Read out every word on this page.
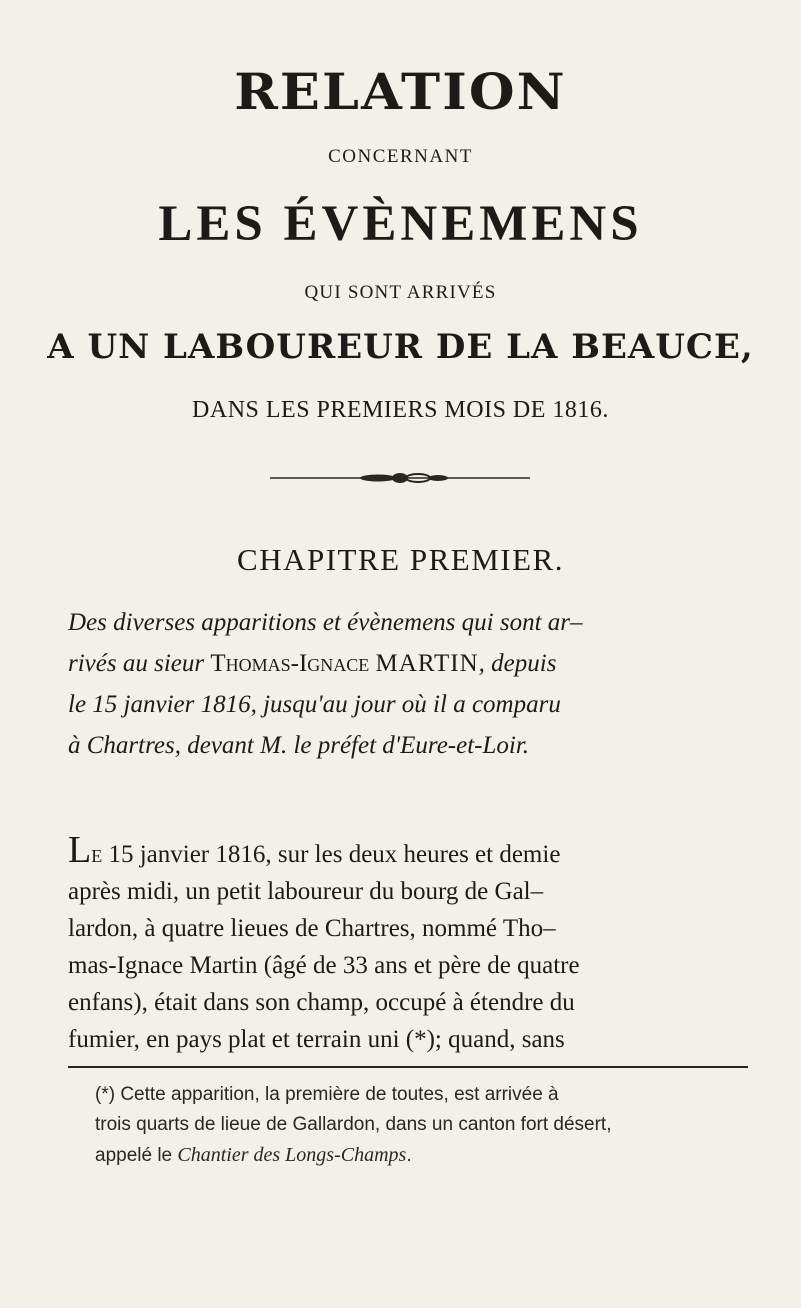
RELATION
CONCERNANT
LES ÉVÈNEMENS
QUI SONT ARRIVÉS
A UN LABOUREUR DE LA BEAUCE,
DANS LES PREMIERS MOIS DE 1816.
CHAPITRE PREMIER.
Des diverses apparitions et évènemens qui sont ar–
rivés au sieur Thomas-Ignace MARTIN, depuis
le 15 janvier 1816, jusqu'au jour où il a comparu
à Chartres, devant M. le préfet d'Eure-et-Loir.
Le 15 janvier 1816, sur les deux heures et demie
après midi, un petit laboureur du bourg de Gal–
lardon, à quatre lieues de Chartres, nommé Tho–
mas-Ignace Martin (âgé de 33 ans et père de quatre
enfans), était dans son champ, occupé à étendre du
fumier, en pays plat et terrain uni (*); quand, sans
(*) Cette apparition, la première de toutes, est arrivée à
trois quarts de lieue de Gallardon, dans un canton fort désert,
appelé le Chantier des Longs-Champs.
